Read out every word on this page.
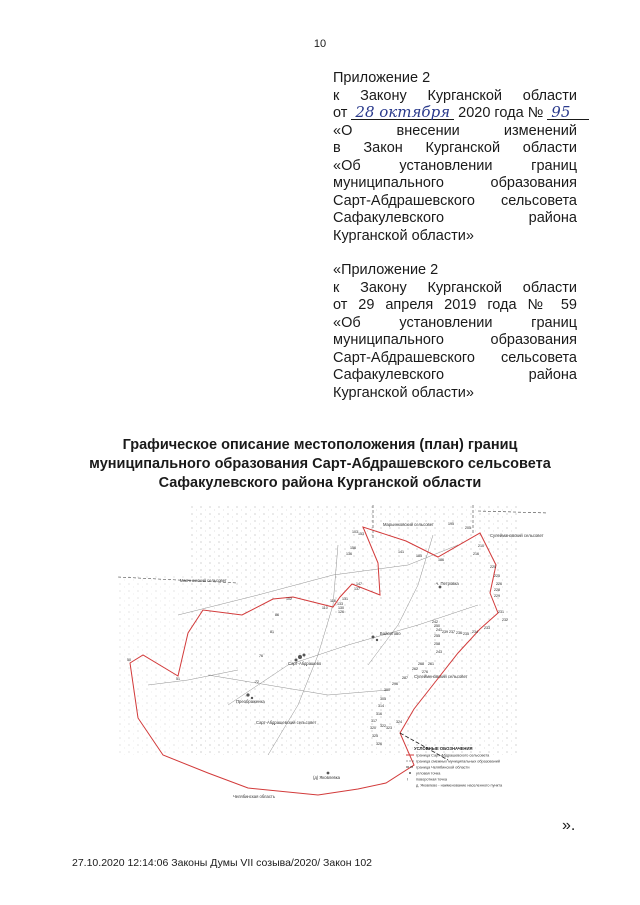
10
Приложение 2
к Закону Курганской области
от 28 октября 2020 года № 95
«О внесении изменений
в Закон Курганской области
«Об установлении границ
муниципального образования
Сарт-Абдрашевского сельсовета
Сафакулевского района
Курганской области»
«Приложение 2
к Закону Курганской области
от 29 апреля 2019 года № 59
«Об установлении границ
муниципального образования
Сарт-Абдрашевского сельсовета
Сафакулевского района
Курганской области»
Графическое описание местоположения (план) границ
муниципального образования Сарт-Абдрашевского сельсовета
Сафакулевского района Курганской области
Маячненский сельсовет
Марьинковский сельсовет
Сулеймановский сельсовет
Сулейменовский сельсовет
Сарт-Абдрашевский сельсовет
Челябинская область
Сарт-Абдрашево
Преображенка
Байситово
ч. Петровка
(д) Яковлевка
50
51
72
76
81
86
102
103
110
118
126
130
131
133
136
137
141
147
153
156
185
186
195
205
210
216
220
225
226
228
229
231
232
233
234
235
236
237
239
241
242
243
250
255
258
261
262
268
276
287
296
300
305
314
316
317
320 322 323
324
325
326
УСЛОВНЫЕ ОБОЗНАЧЕНИЯ
граница Сарт-Абдрашевского сельсовета
граница смежных муниципальных образований
граница Челябинской области
угловая точка
Ⅰ поворотная точка
д. Яковлево - наименование населенного пункта
».
27.10.2020 12:14:06 Законы Думы VII созыва/2020/ Закон 102
